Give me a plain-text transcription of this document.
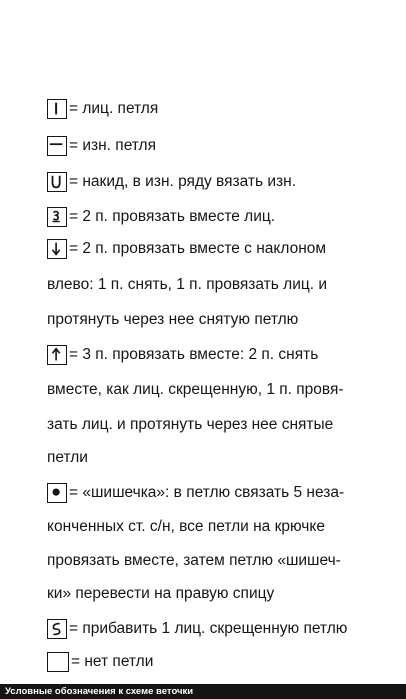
= лиц. петля
= изн. петля
= накид, в изн. ряду вязать изн.
= 2 п. провязать вместе лиц.
= 2 п. провязать вместе с наклоном
влево: 1 п. снять, 1 п. провязать лиц. и
протянуть через нее снятую петлю
= 3 п. провязать вместе: 2 п. снять
вместе, как лиц. скрещенную, 1 п. провя-
зать лиц. и протянуть через нее снятые
петли
= «шишечка»: в петлю связать 5 неза-
конченных ст. с/н, все петли на крючке
провязать вместе, затем петлю «шишеч-
ки» перевести на правую спицу
= прибавить 1 лиц. скрещенную петлю
= нет петли
Условные обозначения к схеме веточки
